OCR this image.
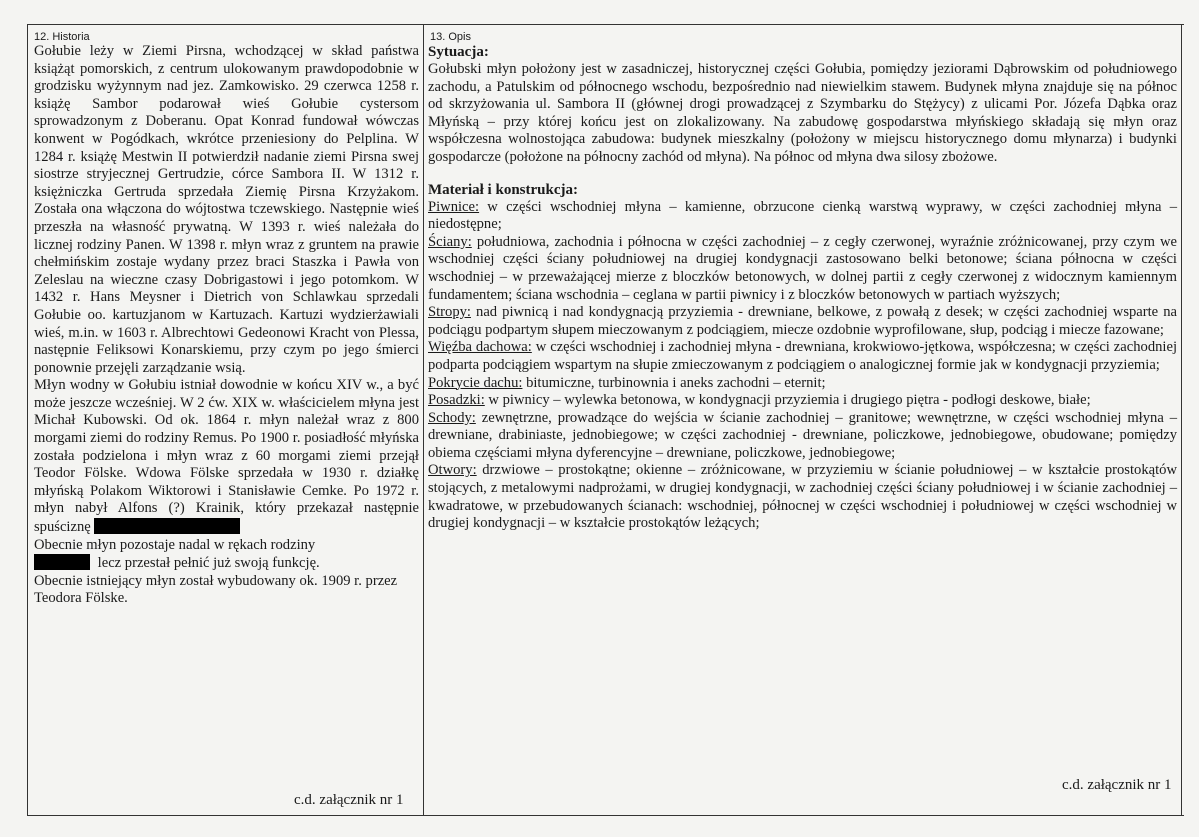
12. Historia

Gołubie leży w Ziemi Pirsna, wchodzącej w skład państwa książąt pomorskich, z centrum ulokowanym prawdopodobnie w grodzisku wyżynnym nad jez. Zamkowisko. 29 czerwca 1258 r. książę Sambor podarował wieś Gołubie cystersom sprowadzonym z Doberanu. Opat Konrad fundował wówczas konwent w Pogódkach, wkrótce przeniesiony do Pelplina. W 1284 r. książę Mestwin II potwierdził nadanie ziemi Pirsna swej siostrze stryjecznej Gertrudzie, córce Sambora II. W 1312 r. księżniczka Gertruda sprzedała Ziemię Pirsna Krzyżakom. Została ona włączona do wójtostwa tczewskiego. Następnie wieś przeszła na własność prywatną. W 1393 r. wieś należała do licznej rodziny Panen. W 1398 r. młyn wraz z gruntem na prawie chełmińskim zostaje wydany przez braci Staszka i Pawła von Zeleslau na wieczne czasy Dobrigastowi i jego potomkom. W 1432 r. Hans Meysner i Dietrich von Schlawkau sprzedali Gołubie oo. kartuzjanom w Kartuzach. Kartuzi wydzierżawiali wieś, m.in. w 1603 r. Albrechtowi Gedeonowi Kracht von Plessa, następnie Feliksowi Konarskiemu, przy czym po jego śmierci ponownie przejęli zarządzanie wsią.

Młyn wodny w Gołubiu istniał dowodnie w końcu XIV w., a być może jeszcze wcześniej. W 2 ćw. XIX w. właścicielem młyna jest Michał Kubowski. Od ok. 1864 r. młyn należał wraz z 800 morgami ziemi do rodziny Remus. Po 1900 r. posiadłość młyńska została podzielona i młyn wraz z 60 morgami ziemi przejął Teodor Fölske. Wdowa Fölske sprzedała w 1930 r. działkę młyńską Polakom Wiktorowi i Stanisławie Cemke. Po 1972 r. młyn nabył Alfons (?) Krainik, który przekazał następnie spuściznę

Obecnie młyn pozostaje nadal w rękach rodziny
lecz przestał pełnić już swoją funkcję.

Obecnie istniejący młyn został wybudowany ok. 1909 r. przez Teodora Fölske.

c.d. załącznik nr 1
13. Opis
Sytuacja:

Gołubski młyn położony jest w zasadniczej, historycznej części Gołubia, pomiędzy jeziorami Dąbrowskim od południowego zachodu, a Patulskim od północnego wschodu, bezpośrednio nad niewielkim stawem. Budynek młyna znajduje się na północ od skrzyżowania ul. Sambora II (głównej drogi prowadzącej z Szymbarku do Stężycy) z ulicami Por. Józefa Dąbka oraz Młyńską – przy której końcu jest on zlokalizowany. Na zabudowę gospodarstwa młyńskiego składają się młyn oraz współczesna wolnostojąca zabudowa: budynek mieszkalny (położony w miejscu historycznego domu młynarza) i budynki gospodarcze (położone na północny zachód od młyna). Na północ od młyna dwa silosy zbożowe.

Materiał i konstrukcja:

Piwnice: w części wschodniej młyna – kamienne, obrzucone cienką warstwą wyprawy, w części zachodniej młyna – niedostępne;

Ściany: południowa, zachodnia i północna w części zachodniej – z cegły czerwonej, wyraźnie zróżnicowanej, przy czym we wschodniej części ściany południowej na drugiej kondygnacji zastosowano belki betonowe; ściana północna w części wschodniej – w przeważającej mierze z bloczków betonowych, w dolnej partii z cegły czerwonej z widocznym kamiennym fundamentem; ściana wschodnia – ceglana w partii piwnicy i z bloczków betonowych w partiach wyższych;

Stropy: nad piwnicą i nad kondygnacją przyziemia - drewniane, belkowe, z powałą z desek; w części zachodniej wsparte na podciągu podpartym słupem mieczowanym z podciągiem, miecze ozdobnie wyprofilowane, słup, podciąg i miecze fazowane;

Więźba dachowa: w części wschodniej i zachodniej młyna - drewniana, krokwiowo-jętkowa, współczesna; w części zachodniej podparta podciągiem wspartym na słupie zmieczowanym z podciągiem o analogicznej formie jak w kondygnacji przyziemia;

Pokrycie dachu: bitumiczne, turbinownia i aneks zachodni – eternit;

Posadzki: w piwnicy – wylewka betonowa, w kondygnacji przyziemia i drugiego piętra - podłogi deskowe, białe;

Schody: zewnętrzne, prowadzące do wejścia w ścianie zachodniej – granitowe; wewnętrzne, w części wschodniej młyna – drewniane, drabiniaste, jednobiegowe; w części zachodniej - drewniane, policzkowe, jednobiegowe, obudowane; pomiędzy obiema częściami młyna dyferencyjne – drewniane, policzkowe, jednobiegowe;

Otwory: drzwiowe – prostokątne; okienne – zróżnicowane, w przyziemiu w ścianie południowej – w kształcie prostokątów stojących, z metalowymi nadprożami, w drugiej kondygnacji, w zachodniej części ściany południowej i w ścianie zachodniej – kwadratowe, w przebudowanych ścianach: wschodniej, północnej w części wschodniej i południowej w części wschodniej w drugiej kondygnacji – w kształcie prostokątów leżących;

c.d. załącznik nr 1
